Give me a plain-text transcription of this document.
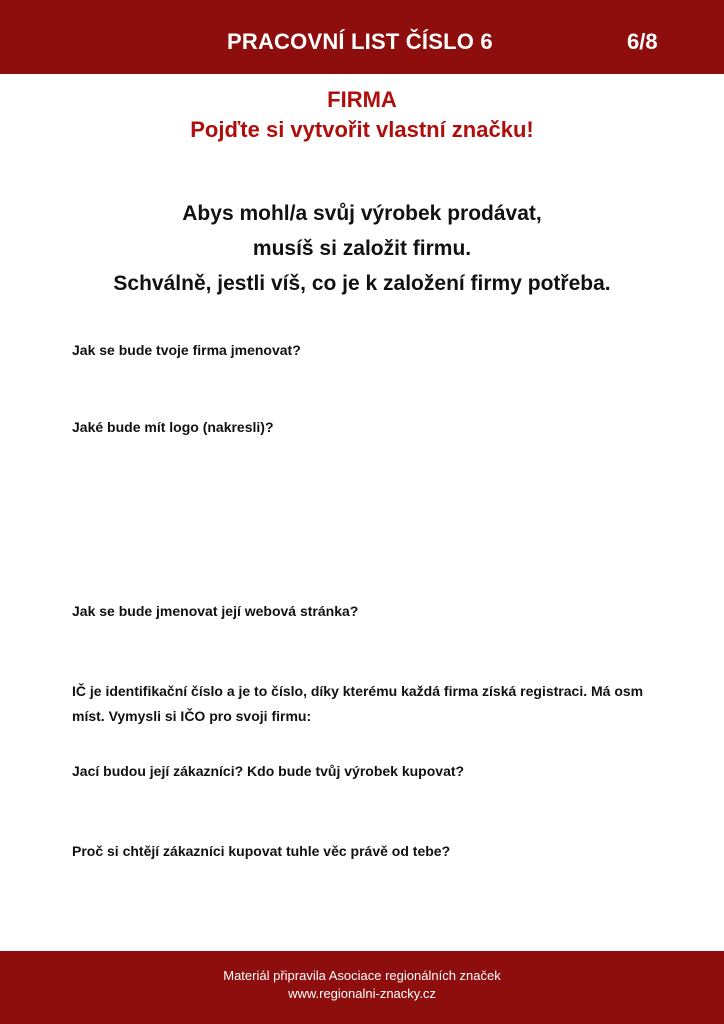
PRACOVNÍ LIST ČÍSLO 6	6/8
FIRMA
Pojďte si vytvořit vlastní značku!
Abys mohl/a svůj výrobek prodávat,
musíš si založit firmu.
Schválně, jestli víš, co je k založení firmy potřeba.
Jak se bude tvoje firma jmenovat?
Jaké bude mít logo (nakresli)?
Jak se bude jmenovat její webová stránka?
IČ je identifikační číslo a je to číslo, díky kterému každá firma získá registraci. Má osm míst. Vymysli si IČO pro svoji firmu:
Jací budou její zákazníci? Kdo bude tvůj výrobek kupovat?
Proč si chtějí zákazníci kupovat tuhle věc právě od tebe?
Materiál připravila Asociace regionálních značek
www.regionalni-znacky.cz
